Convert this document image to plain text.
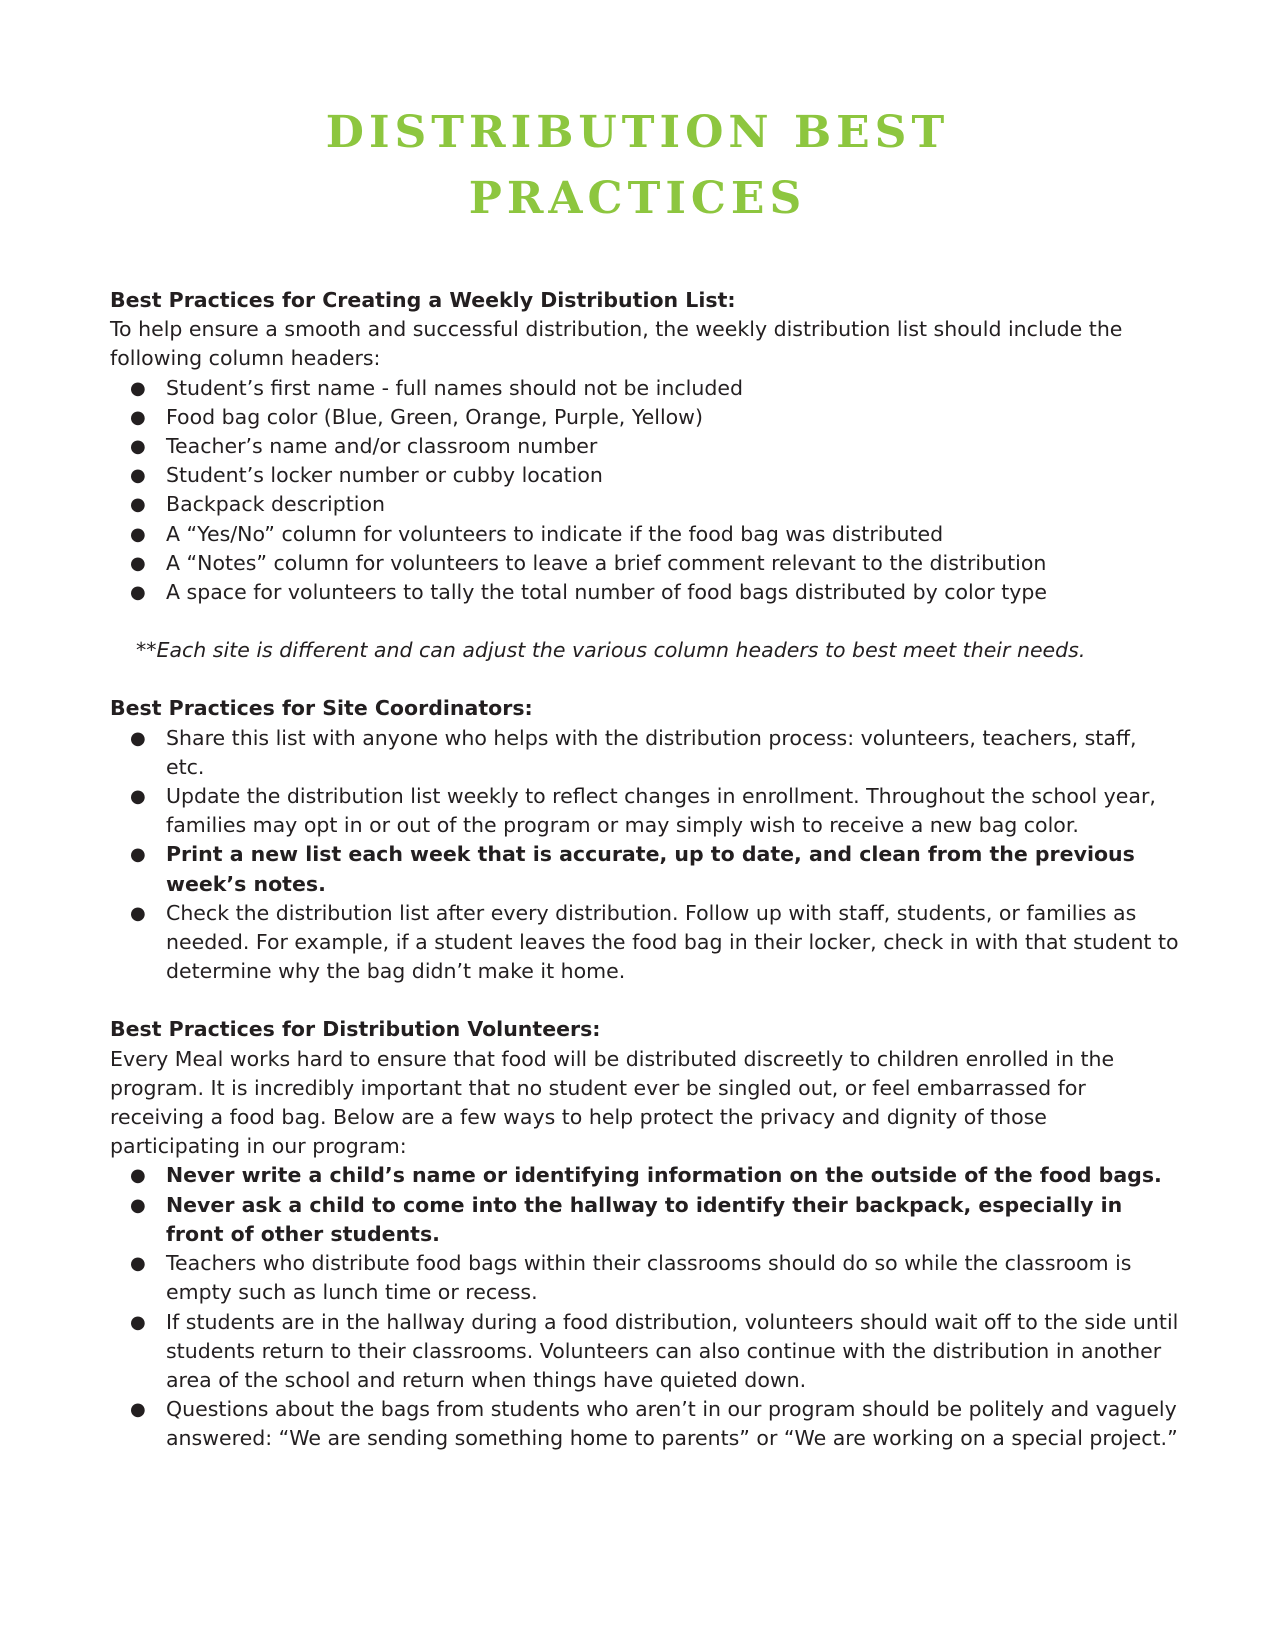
DISTRIBUTION BEST
PRACTICES

Best Practices for Creating a Weekly Distribution List:

To help ensure a smooth and successful distribution, the weekly distribution list should include the following column headers:

● Student’s first name - full names should not be included
● Food bag color (Blue, Green, Orange, Purple, Yellow)
● Teacher’s name and/or classroom number
● Student’s locker number or cubby location
● Backpack description
● A “Yes/No” column for volunteers to indicate if the food bag was distributed
● A “Notes” column for volunteers to leave a brief comment relevant to the distribution
● A space for volunteers to tally the total number of food bags distributed by color type

**Each site is different and can adjust the various column headers to best meet their needs.

Best Practices for Site Coordinators:

● Share this list with anyone who helps with the distribution process: volunteers, teachers, staff, etc.
● Update the distribution list weekly to reflect changes in enrollment. Throughout the school year, families may opt in or out of the program or may simply wish to receive a new bag color.
● Print a new list each week that is accurate, up to date, and clean from the previous week’s notes.
● Check the distribution list after every distribution. Follow up with staff, students, or families as needed. For example, if a student leaves the food bag in their locker, check in with that student to determine why the bag didn’t make it home.

Best Practices for Distribution Volunteers:

Every Meal works hard to ensure that food will be distributed discreetly to children enrolled in the program. It is incredibly important that no student ever be singled out, or feel embarrassed for receiving a food bag. Below are a few ways to help protect the privacy and dignity of those participating in our program:

● Never write a child’s name or identifying information on the outside of the food bags.
● Never ask a child to come into the hallway to identify their backpack, especially in front of other students.
● Teachers who distribute food bags within their classrooms should do so while the classroom is empty such as lunch time or recess.
● If students are in the hallway during a food distribution, volunteers should wait off to the side until students return to their classrooms. Volunteers can also continue with the distribution in another area of the school and return when things have quieted down.
● Questions about the bags from students who aren’t in our program should be politely and vaguely answered: “We are sending something home to parents” or “We are working on a special project.”
